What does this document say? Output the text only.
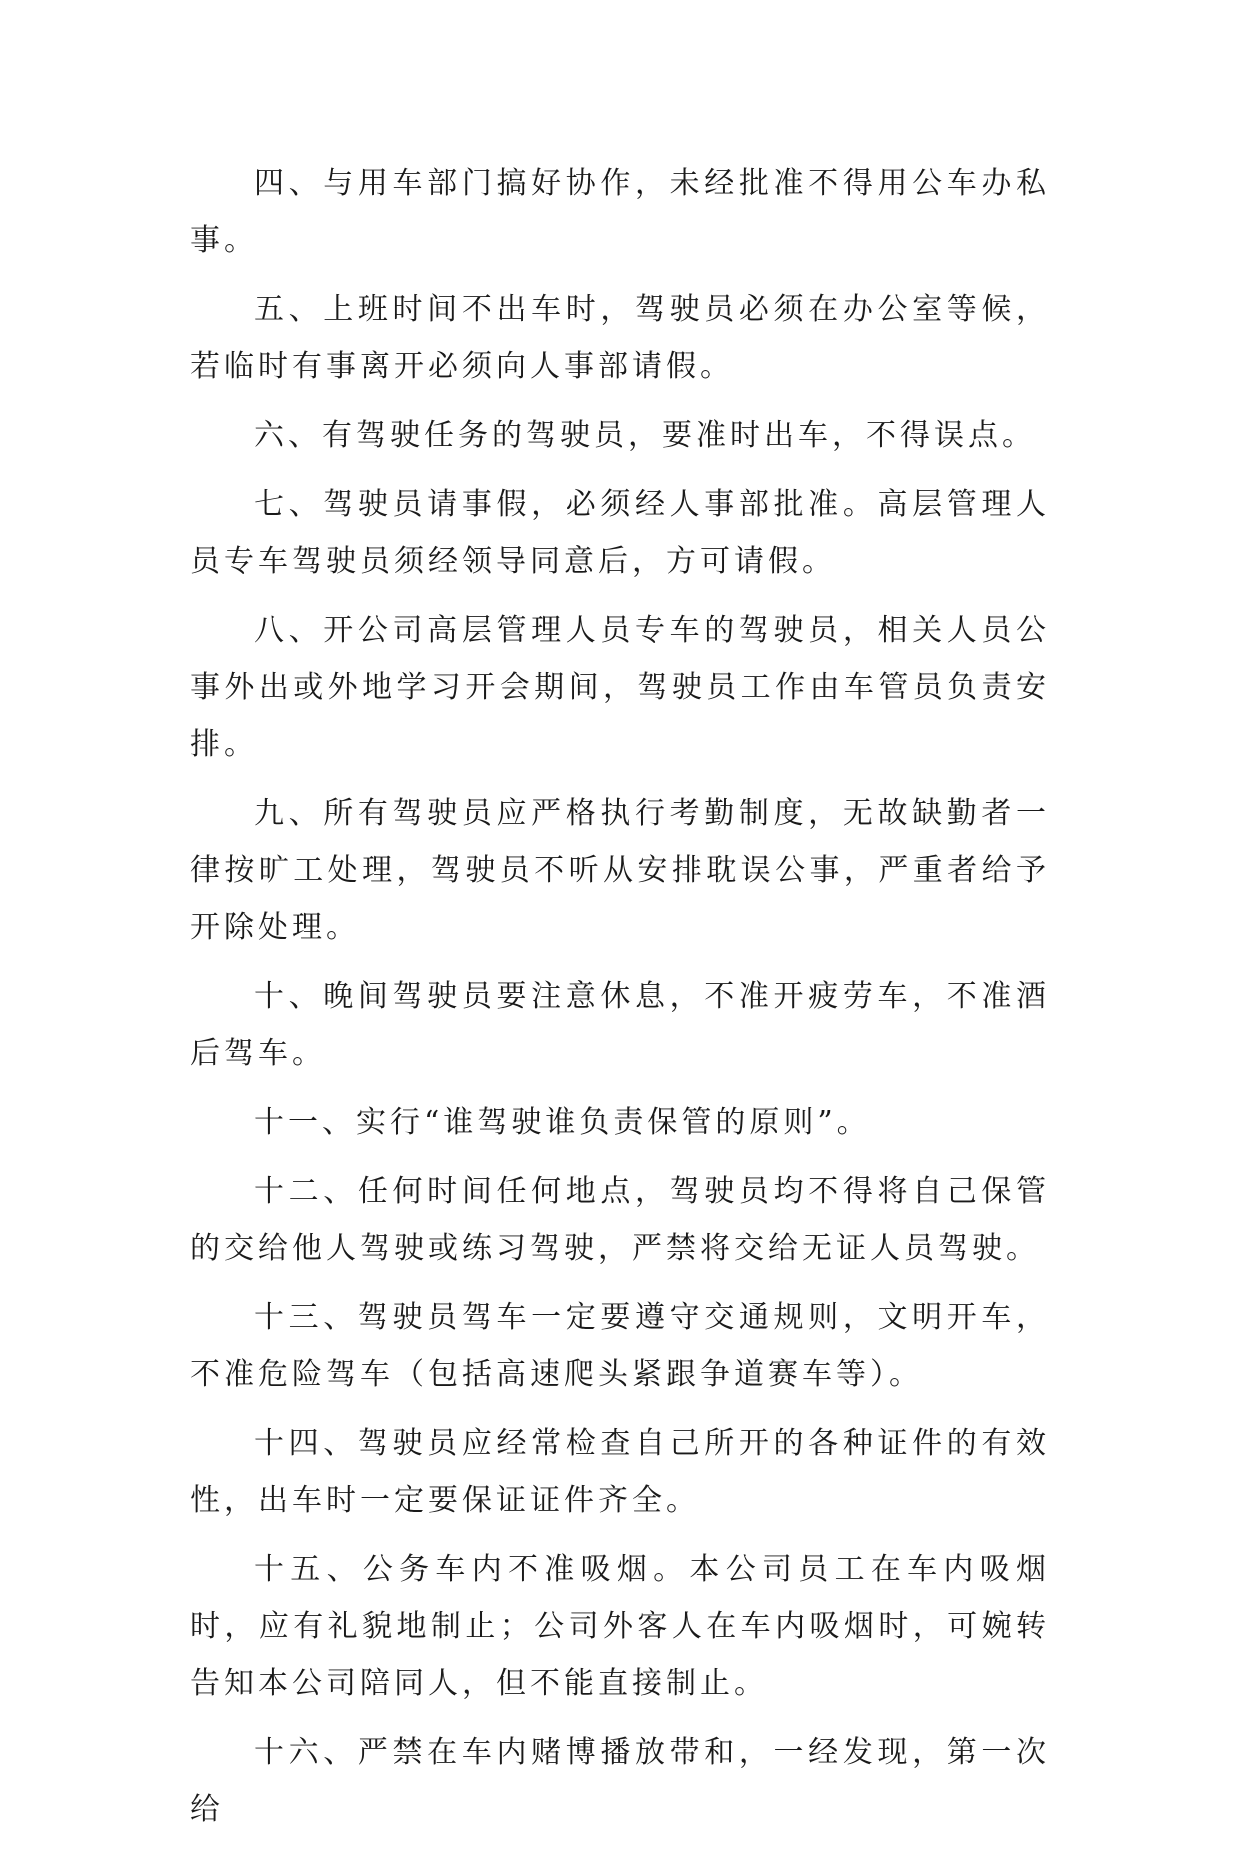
四、与用车部门搞好协作，未经批准不得用公车办私事。

五、上班时间不出车时，驾驶员必须在办公室等候，若临时有事离开必须向人事部请假。

六、有驾驶任务的驾驶员，要准时出车，不得误点。

七、驾驶员请事假，必须经人事部批准。高层管理人员专车驾驶员须经领导同意后，方可请假。

八、开公司高层管理人员专车的驾驶员，相关人员公事外出或外地学习开会期间，驾驶员工作由车管员负责安排。

九、所有驾驶员应严格执行考勤制度，无故缺勤者一律按旷工处理，驾驶员不听从安排耽误公事，严重者给予开除处理。

十、晚间驾驶员要注意休息，不准开疲劳车，不准酒后驾车。

十一、实行“谁驾驶谁负责保管的原则”。

十二、任何时间任何地点，驾驶员均不得将自己保管的交给他人驾驶或练习驾驶，严禁将交给无证人员驾驶。

十三、驾驶员驾车一定要遵守交通规则，文明开车，不准危险驾车（包括高速爬头紧跟争道赛车等）。

十四、驾驶员应经常检查自己所开的各种证件的有效性，出车时一定要保证证件齐全。

十五、公务车内不准吸烟。本公司员工在车内吸烟时，应有礼貌地制止；公司外客人在车内吸烟时，可婉转告知本公司陪同人，但不能直接制止。

十六、严禁在车内赌博播放带和，一经发现，第一次给
